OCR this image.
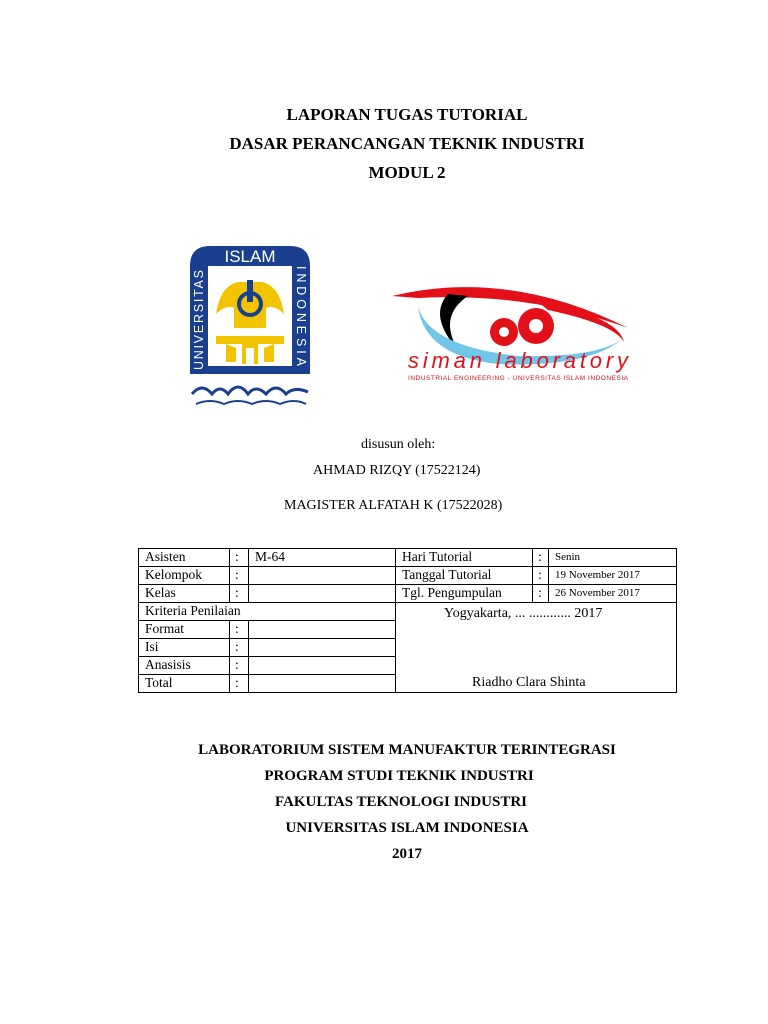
LAPORAN TUGAS TUTORIAL
DASAR PERANCANGAN TEKNIK INDUSTRI
MODUL 2
ISLAM
UNIVERSITAS
INDONESIA	siman laboratory
INDUSTRIAL ENGINEERING - UNIVERSITAS ISLAM INDONESIA
disusun oleh:
AHMAD RIZQY (17522124)
MAGISTER ALFATAH K (17522028)
Asisten	:	M-64	Hari Tutorial	:	Senin
Kelompok	:		Tanggal Tutorial	:	19 November 2017
Kelas	:		Tgl. Pengumpulan	:	26 November 2017
Kriteria Penilaian			Yogyakarta, ... ............ 2017
Riadho Clara Shinta		

Format	:				
Isi	:				
Anasisis	:				
Total	:				
LABORATORIUM SISTEM MANUFAKTUR TERINTEGRASI
PROGRAM STUDI TEKNIK INDUSTRI
FAKULTAS TEKNOLOGI INDUSTRI
UNIVERSITAS ISLAM INDONESIA
2017
